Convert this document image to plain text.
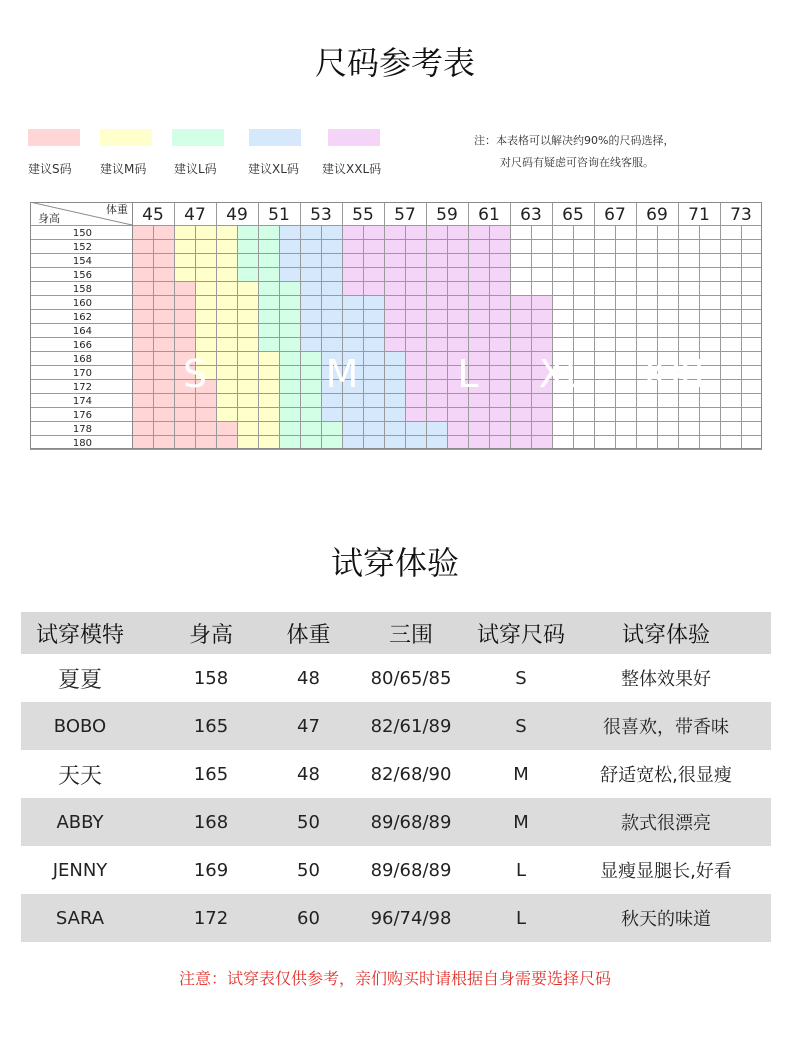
尺码参考表
建议S码 建议M码 建议L码	建议XL码 建议XXL码
注：本表格可以解决约90%的尺码选择，
对尺码有疑虑可咨询在线客服。
体重
身高	45 47 49 51 53 55 57 59 61 63 65 67 69 71 73
150
152
154
156
158
160
162
164
166
168
170
172
174
176
178
180
S	M	L XL XXL
试穿体验
试穿模特	身高	体重	三围	试穿尺码	试穿体验
夏夏	158	48	80/65/85	S	整体效果好
BOBO	165	47	82/61/89	S	很喜欢，带香味
天天	165	48	82/68/90	M	舒适宽松,很显瘦
ABBY	168	50	89/68/89	M	款式很漂亮
JENNY	169	50	89/68/89	L	显瘦显腿长,好看
SARA	172	60	96/74/98	L	秋天的味道
注意：试穿表仅供参考，亲们购买时请根据自身需要选择尺码
